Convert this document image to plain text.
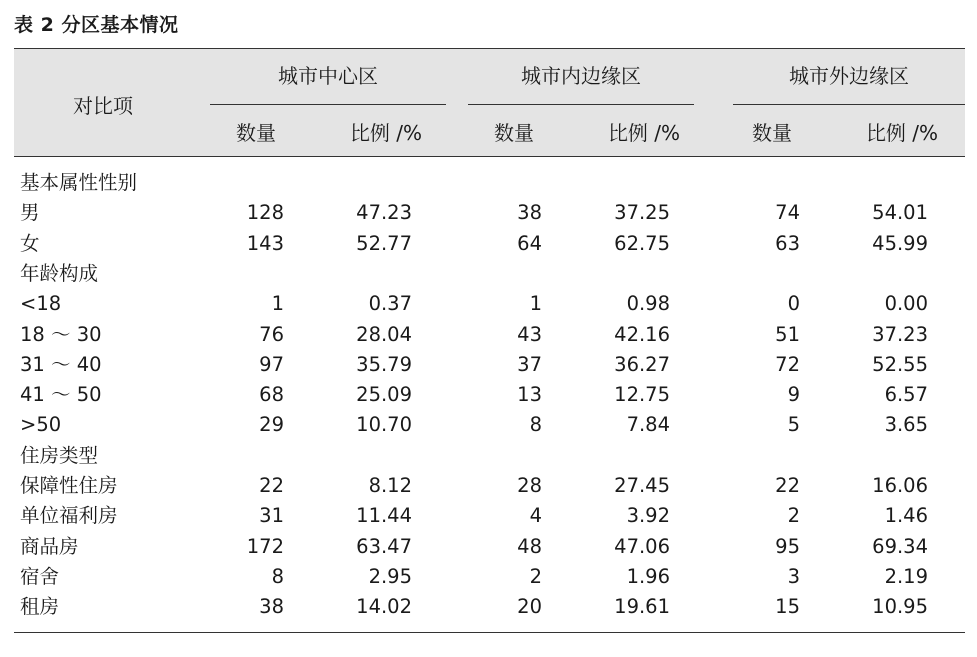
表 2 分区基本情况
对比项
城市中心区	城市内边缘区	城市外边缘区
数量	比例 /%	数量	比例 /%	数量	比例 /%
基本属性性别
男	128	47.23	38	37.25	74	54.01
女	143	52.77	64	62.75	63	45.99
年龄构成
<18	1	0.37	1	0.98	0	0.00
18 ～ 30	76	28.04	43	42.16	51	37.23
31 ～ 40	97	35.79	37	36.27	72	52.55
41 ～ 50	68	25.09	13	12.75	9	6.57
>50	29	10.70	8	7.84	5	3.65
住房类型
保障性住房	22	8.12	28	27.45	22	16.06
单位福利房	31	11.44	4	3.92	2	1.46
商品房	172	63.47	48	47.06	95	69.34
宿舍	8	2.95	2	1.96	3	2.19
租房	38	14.02	20	19.61	15	10.95
